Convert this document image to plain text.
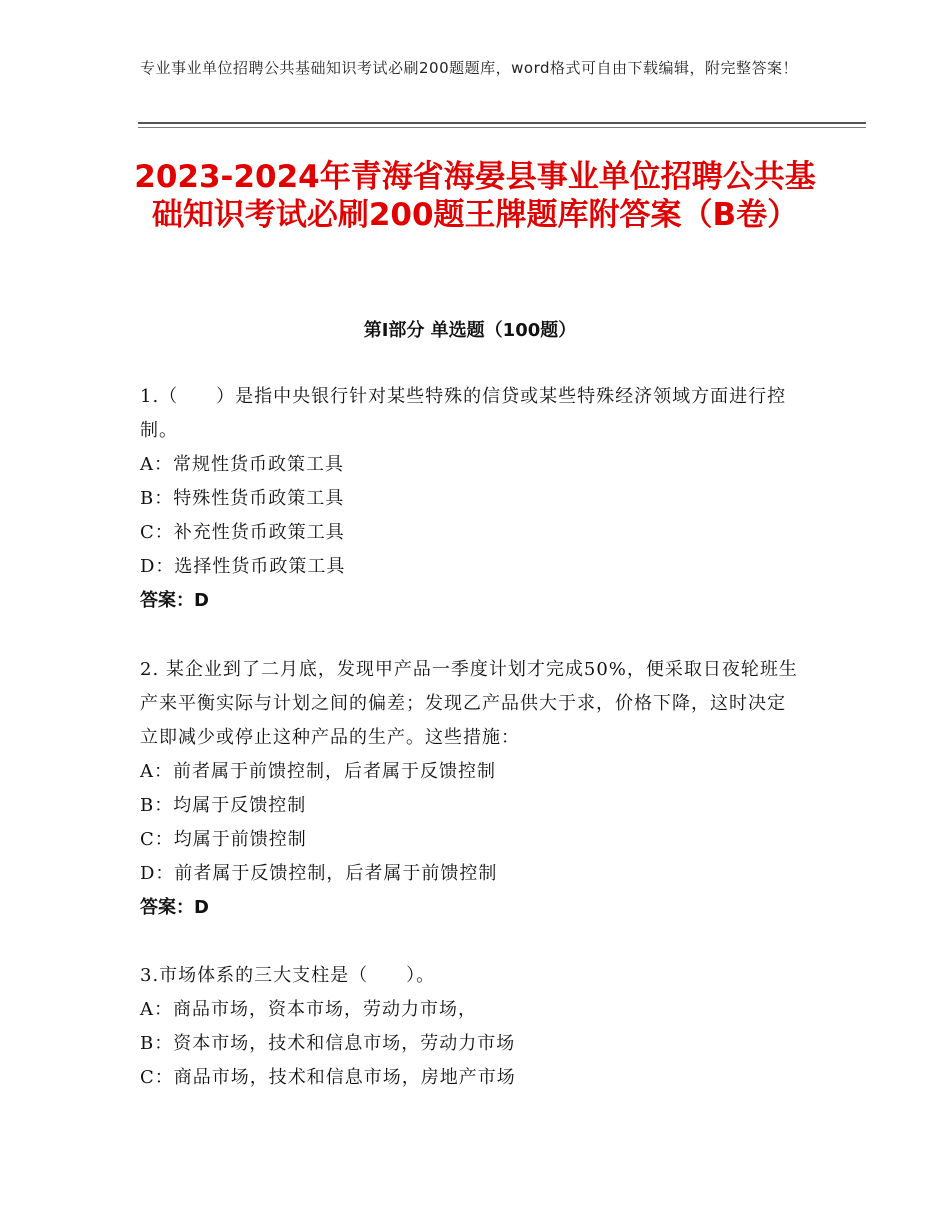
专业事业单位招聘公共基础知识考试必刷200题题库，word格式可自由下载编辑，附完整答案！
2023-2024年青海省海晏县事业单位招聘公共基础知识考试必刷200题王牌题库附答案（B卷）
第Ⅰ部分 单选题（100题）

1.（　　）是指中央银行针对某些特殊的信贷或某些特殊经济领域方面进行控制。

A：常规性货币政策工具

B：特殊性货币政策工具

C：补充性货币政策工具

D：选择性货币政策工具

答案：D

2. 某企业到了二月底，发现甲产品一季度计划才完成50%，便采取日夜轮班生产来平衡实际与计划之间的偏差；发现乙产品供大于求，价格下降，这时决定立即减少或停止这种产品的生产。这些措施：

A：前者属于前馈控制，后者属于反馈控制

B：均属于反馈控制

C：均属于前馈控制

D：前者属于反馈控制，后者属于前馈控制

答案：D

3.市场体系的三大支柱是（　　）。

A：商品市场，资本市场，劳动力市场，

B：资本市场，技术和信息市场，劳动力市场

C：商品市场，技术和信息市场，房地产市场
